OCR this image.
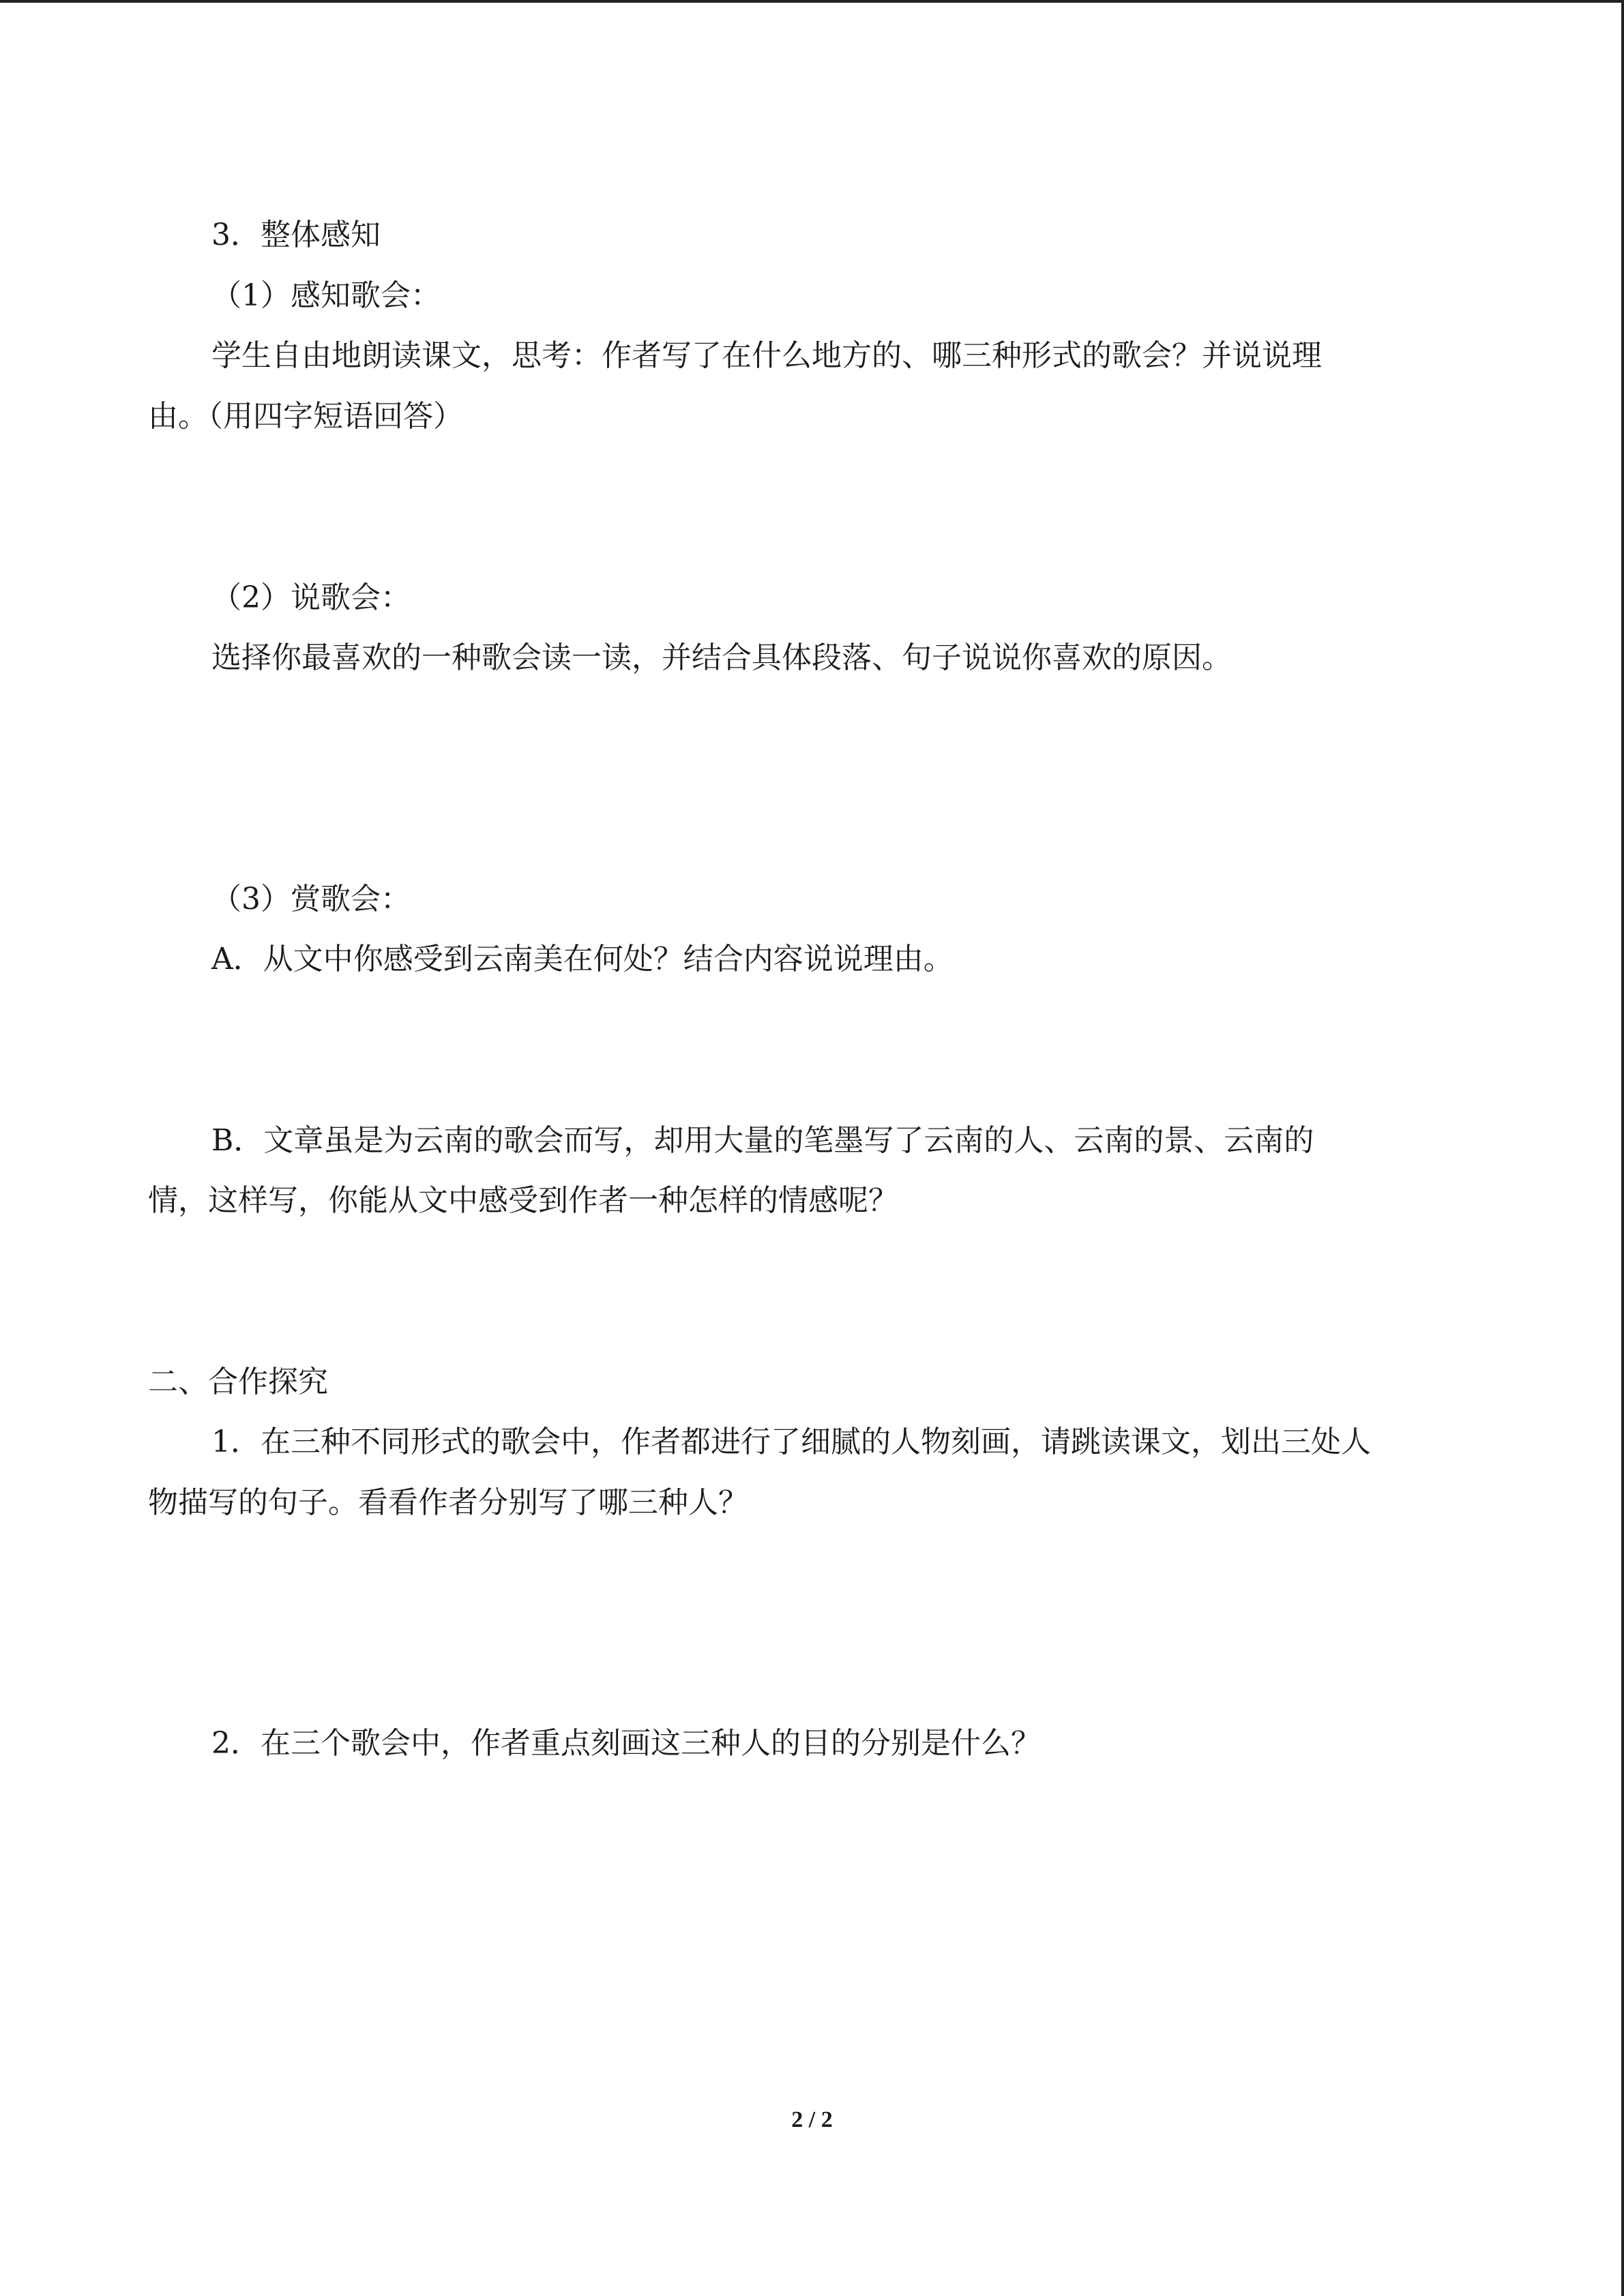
3．整体感知

（1）感知歌会：

学生自由地朗读课文，思考：作者写了在什么地方的、哪三种形式的歌会？并说说理

由。（用四字短语回答）

（2）说歌会：

选择你最喜欢的一种歌会读一读，并结合具体段落、句子说说你喜欢的原因。

（3）赏歌会：

A．从文中你感受到云南美在何处？结合内容说说理由。

B．文章虽是为云南的歌会而写，却用大量的笔墨写了云南的人、云南的景、云南的

情，这样写，你能从文中感受到作者一种怎样的情感呢？

二、合作探究

1．在三种不同形式的歌会中，作者都进行了细腻的人物刻画，请跳读课文，划出三处人

物描写的句子。看看作者分别写了哪三种人？

2．在三个歌会中，作者重点刻画这三种人的目的分别是什么？

2 / 2
